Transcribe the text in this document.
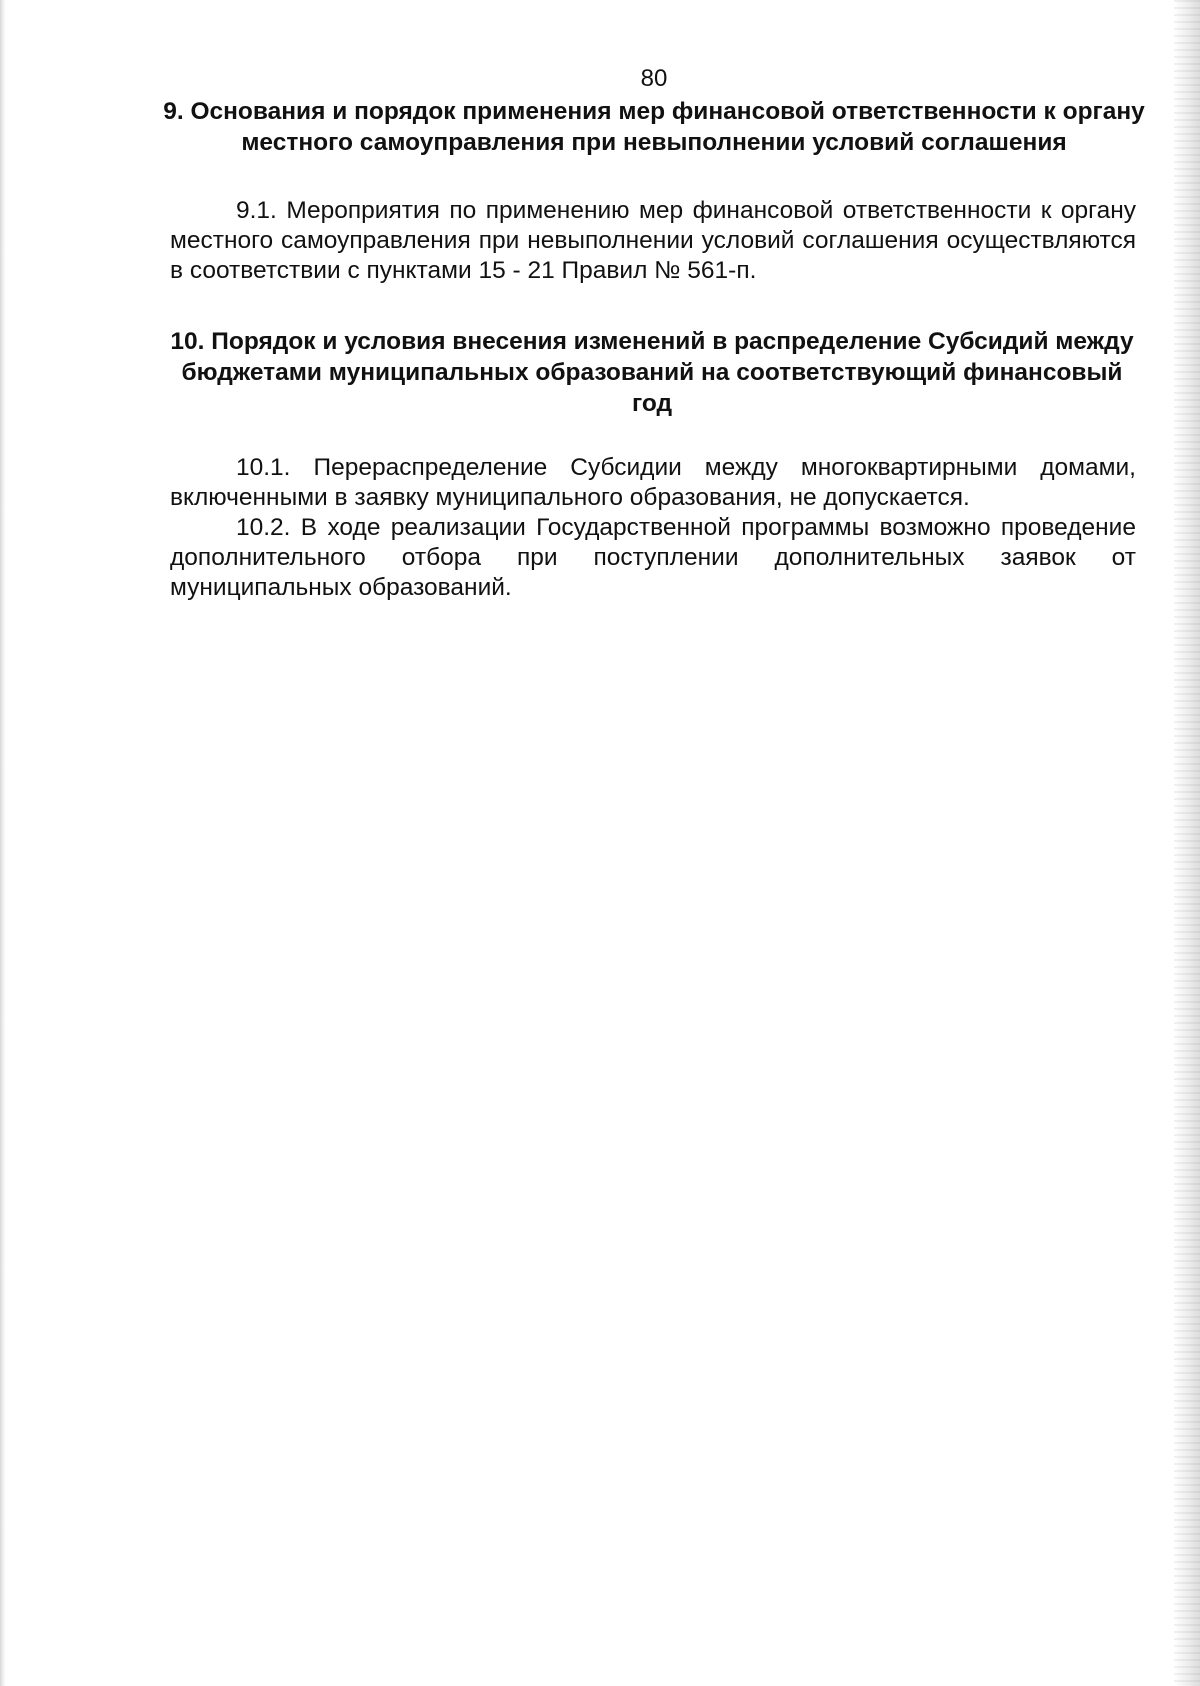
80
9. Основания и порядок применения мер финансовой ответственности к органу местного самоуправления при невыполнении условий соглашения

9.1. Мероприятия по применению мер финансовой ответственности к органу местного самоуправления при невыполнении условий соглашения осуществляются в соответствии с пунктами 15 - 21 Правил № 561-п.

10. Порядок и условия внесения изменений в распределение Субсидий между бюджетами муниципальных образований на соответствующий финансовый год

10.1. Перераспределение Субсидии между многоквартирными домами, включенными в заявку муниципального образования, не допускается.

10.2. В ходе реализации Государственной программы возможно проведение дополнительного отбора при поступлении дополнительных заявок от муниципальных образований.
